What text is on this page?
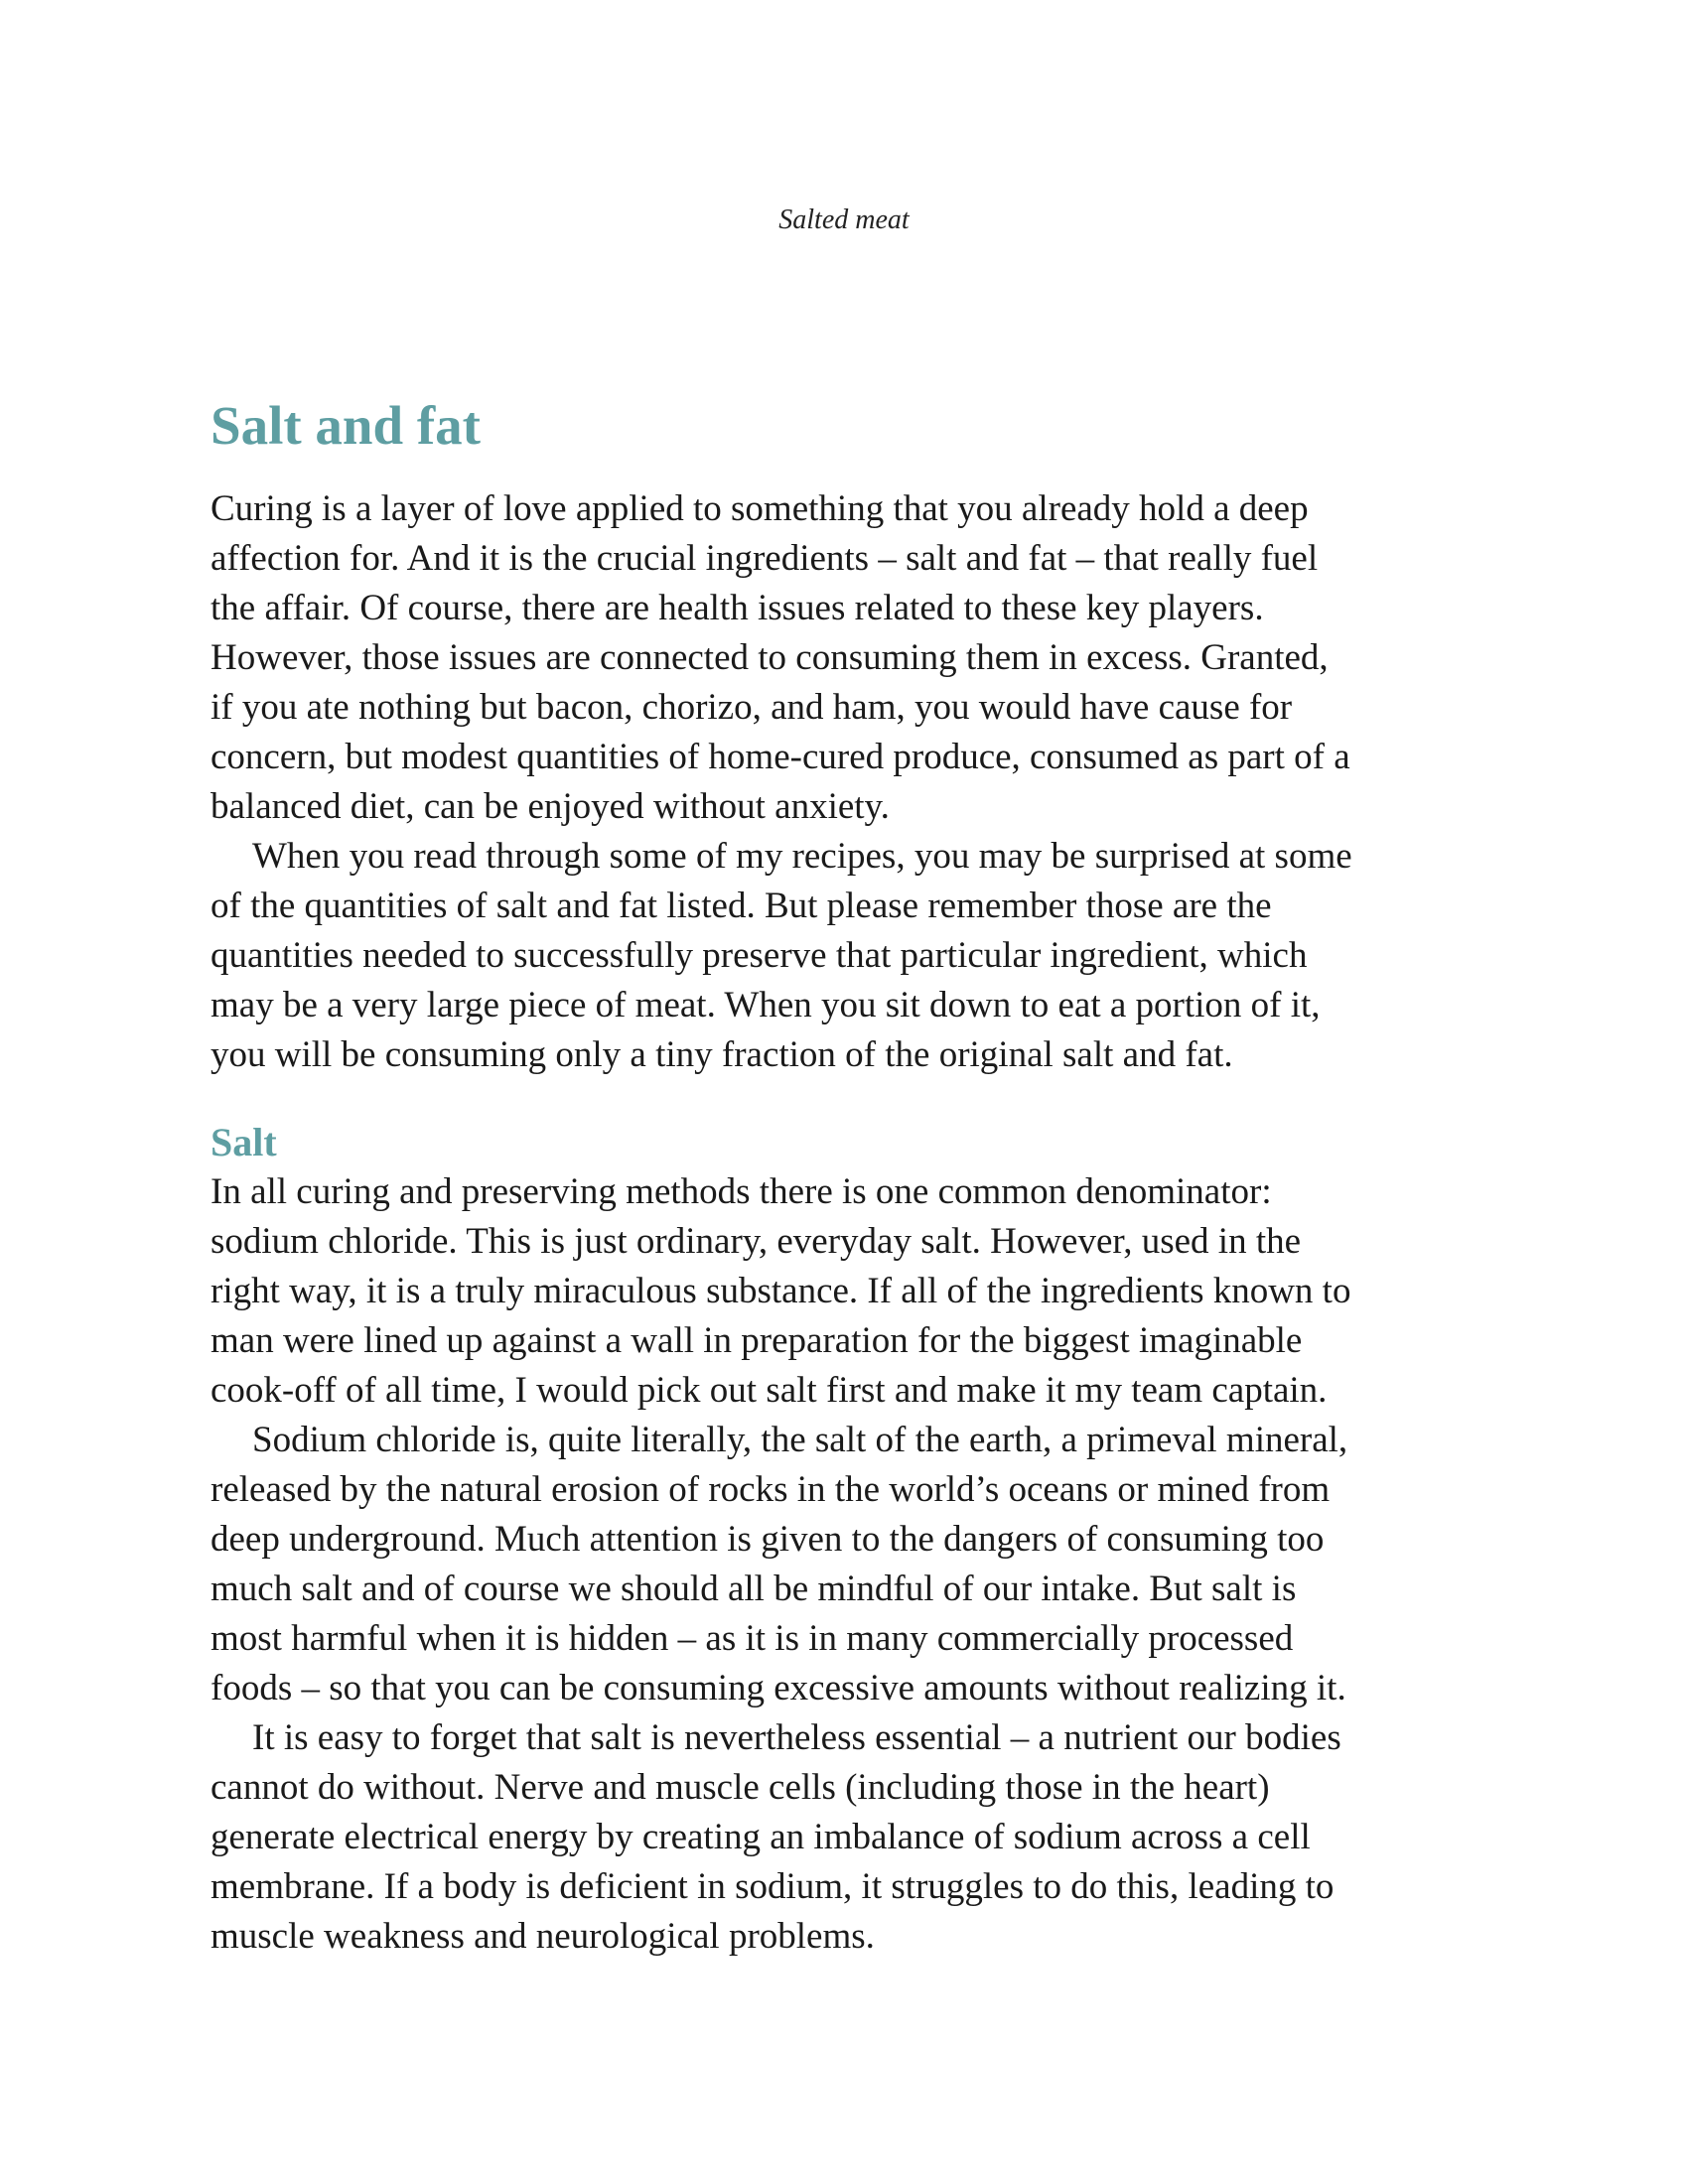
Salted meat
Salt and fat

Curing is a layer of love applied to something that you already hold a deep
affection for. And it is the crucial ingredients – salt and fat – that really fuel
the affair. Of course, there are health issues related to these key players.
However, those issues are connected to consuming them in excess. Granted,
if you ate nothing but bacon, chorizo, and ham, you would have cause for
concern, but modest quantities of home-cured produce, consumed as part of a
balanced diet, can be enjoyed without anxiety.

When you read through some of my recipes, you may be surprised at some
of the quantities of salt and fat listed. But please remember those are the
quantities needed to successfully preserve that particular ingredient, which
may be a very large piece of meat. When you sit down to eat a portion of it,
you will be consuming only a tiny fraction of the original salt and fat.

Salt

In all curing and preserving methods there is one common denominator:
sodium chloride. This is just ordinary, everyday salt. However, used in the
right way, it is a truly miraculous substance. If all of the ingredients known to
man were lined up against a wall in preparation for the biggest imaginable
cook-off of all time, I would pick out salt first and make it my team captain.

Sodium chloride is, quite literally, the salt of the earth, a primeval mineral,
released by the natural erosion of rocks in the world’s oceans or mined from
deep underground. Much attention is given to the dangers of consuming too
much salt and of course we should all be mindful of our intake. But salt is
most harmful when it is hidden – as it is in many commercially processed
foods – so that you can be consuming excessive amounts without realizing it.

It is easy to forget that salt is nevertheless essential – a nutrient our bodies
cannot do without. Nerve and muscle cells (including those in the heart)
generate electrical energy by creating an imbalance of sodium across a cell
membrane. If a body is deficient in sodium, it struggles to do this, leading to
muscle weakness and neurological problems.
